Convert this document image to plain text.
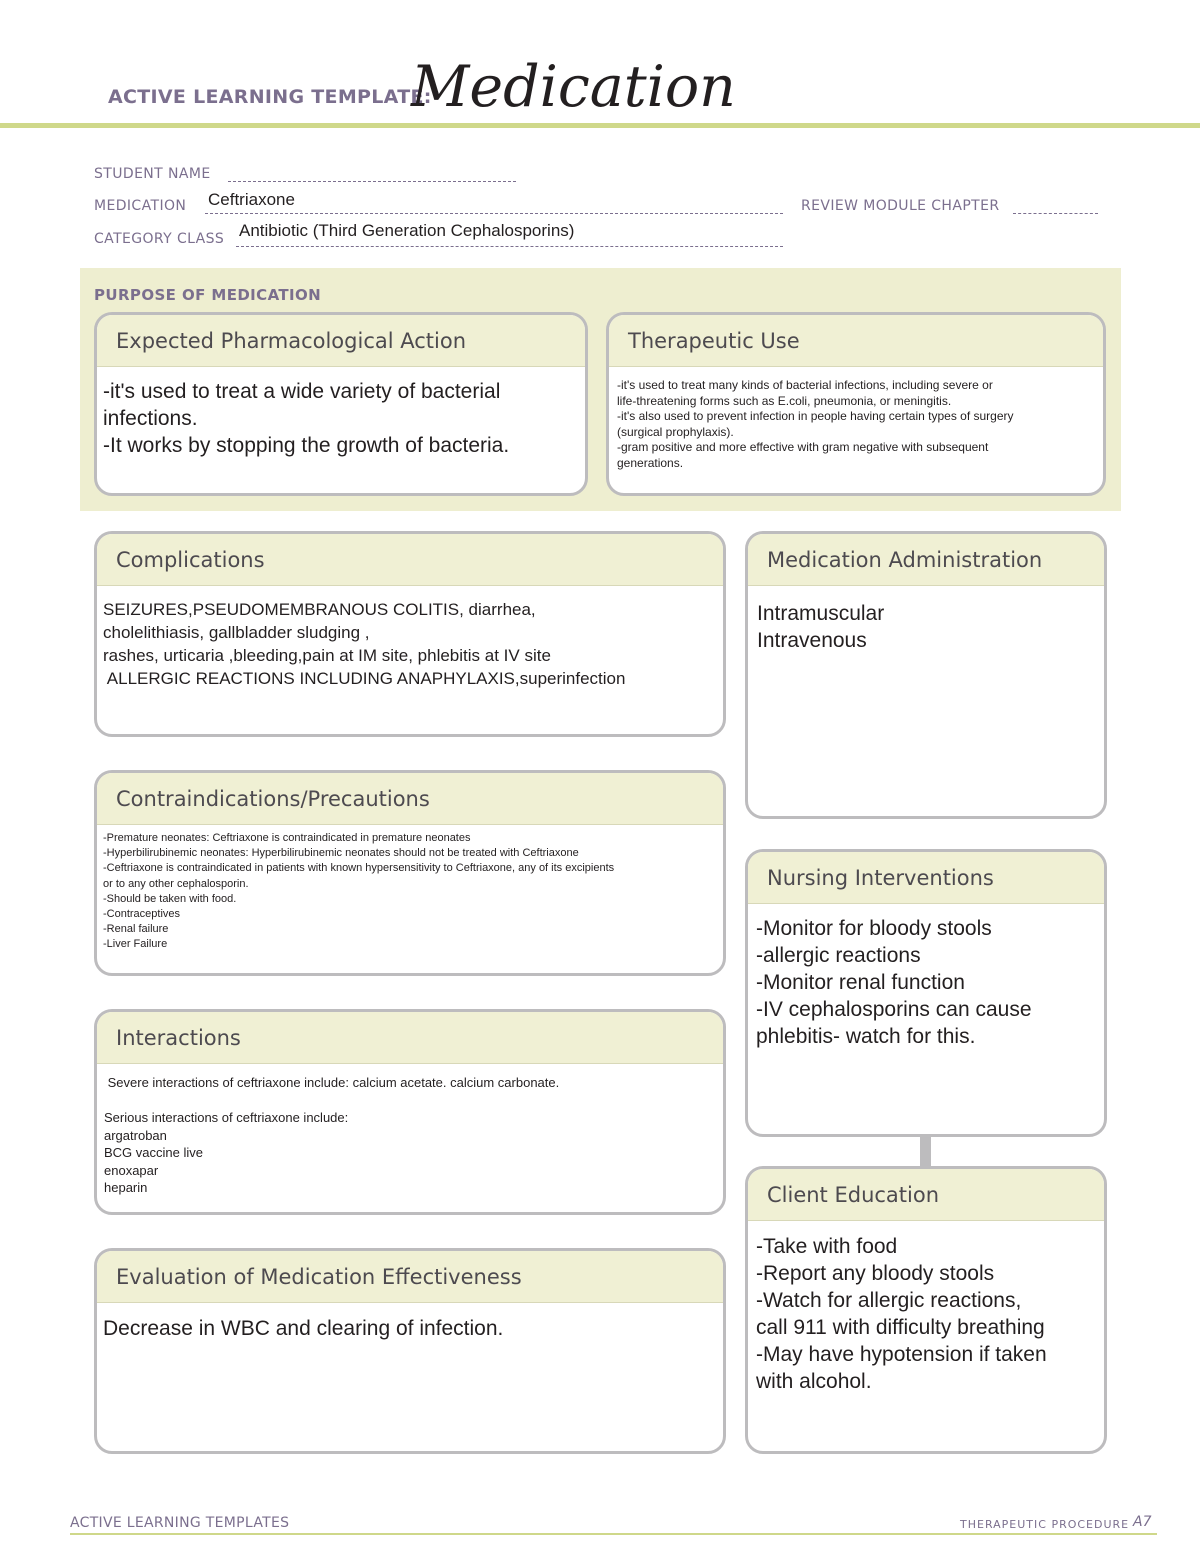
ACTIVE LEARNING TEMPLATE:
Medication
STUDENT NAME
MEDICATION Ceftriaxone	REVIEW MODULE CHAPTER
CATEGORY CLASS Antibiotic (Third Generation Cephalosporins)
PURPOSE OF MEDICATION
Expected Pharmacological Action

-it's used to treat a wide variety of bacterial

infections.

-It works by stopping the growth of bacteria.

Therapeutic Use

-it's used to treat many kinds of bacterial infections, including severe or

life-threatening forms such as E.coli, pneumonia, or meningitis.

-it's also used to prevent infection in people having certain types of surgery

(surgical prophylaxis).

-gram positive and more effective with gram negative with subsequent

generations.

Complications

SEIZURES,PSEUDOMEMBRANOUS COLITIS, diarrhea,

cholelithiasis, gallbladder sludging ,

rashes, urticaria ,bleeding,pain at IM site, phlebitis at IV site

ALLERGIC REACTIONS INCLUDING ANAPHYLAXIS,superinfection

Medication Administration

Intramuscular

Intravenous

Contraindications/Precautions

-Premature neonates: Ceftriaxone is contraindicated in premature neonates

-Hyperbilirubinemic neonates: Hyperbilirubinemic neonates should not be treated with Ceftriaxone

-Ceftriaxone is contraindicated in patients with known hypersensitivity to Ceftriaxone, any of its excipients

or to any other cephalosporin.

-Should be taken with food.

-Contraceptives

-Renal failure

-Liver Failure

Nursing Interventions

-Monitor for bloody stools

-allergic reactions

-Monitor renal function

-IV cephalosporins can cause

phlebitis- watch for this.

Interactions

Severe interactions of ceftriaxone include: calcium acetate. calcium carbonate.

Serious interactions of ceftriaxone include:

argatroban

BCG vaccine live

enoxapar

heparin	Client Education

-Take with food

-Report any bloody stools

-Watch for allergic reactions,

call 911 with difficulty breathing

-May have hypotension if taken

with alcohol.

Evaluation of Medication Effectiveness

Decrease in WBC and clearing of infection.

ACTIVE LEARNING TEMPLATES	THERAPEUTIC PROCEDURE A7
